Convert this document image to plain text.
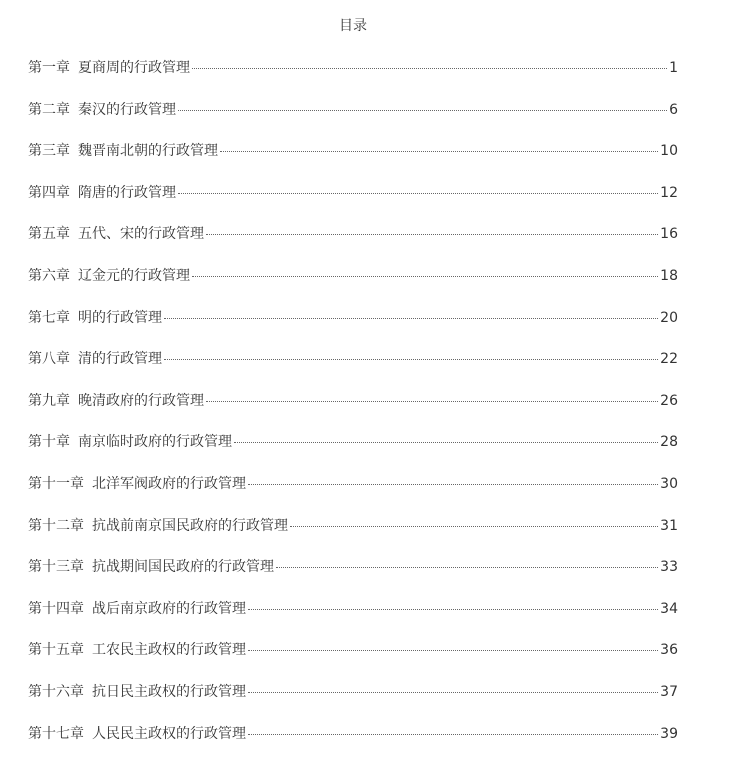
目录
第一章 夏商周的行政管理	1
第二章 秦汉的行政管理	6
第三章 魏晋南北朝的行政管理	10
第四章 隋唐的行政管理	12
第五章 五代、宋的行政管理	16
第六章 辽金元的行政管理	18
第七章 明的行政管理	20
第八章 清的行政管理	22
第九章 晚清政府的行政管理	26
第十章 南京临时政府的行政管理	28
第十一章 北洋军阀政府的行政管理	30
第十二章 抗战前南京国民政府的行政管理	31
第十三章 抗战期间国民政府的行政管理	33
第十四章 战后南京政府的行政管理	34
第十五章 工农民主政权的行政管理	36
第十六章 抗日民主政权的行政管理	37
第十七章 人民民主政权的行政管理	39
